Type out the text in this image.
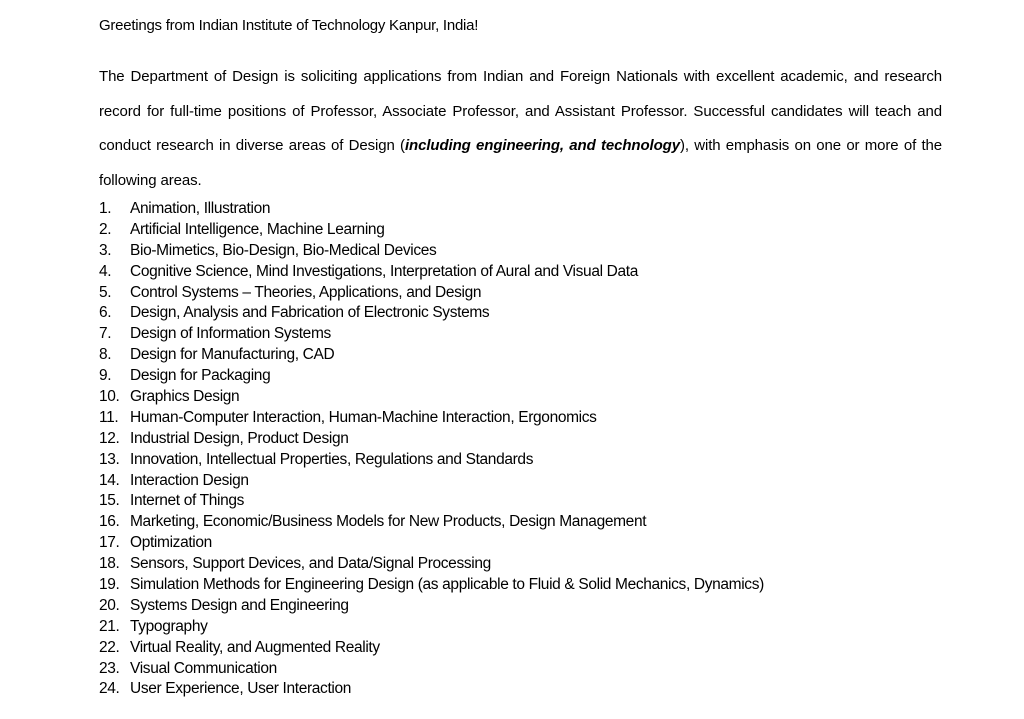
Greetings from Indian Institute of Technology Kanpur, India!

The Department of Design is soliciting applications from Indian and Foreign Nationals with excellent academic, and research record for full-time positions of Professor, Associate Professor, and Assistant Professor. Successful candidates will teach and conduct research in diverse areas of Design (including engineering, and technology), with emphasis on one or more of the following areas.

1.	Animation, Illustration
2.	Artificial Intelligence, Machine Learning
3.	Bio-Mimetics, Bio-Design, Bio-Medical Devices
4.	Cognitive Science, Mind Investigations, Interpretation of Aural and Visual Data
5.	Control Systems – Theories, Applications, and Design
6.	Design, Analysis and Fabrication of Electronic Systems
7.	Design of Information Systems
8.	Design for Manufacturing, CAD
9.	Design for Packaging
10. Graphics Design
11. Human-Computer Interaction, Human-Machine Interaction, Ergonomics
12. Industrial Design, Product Design
13. Innovation, Intellectual Properties, Regulations and Standards
14. Interaction Design
15. Internet of Things
16. Marketing, Economic/Business Models for New Products, Design Management
17. Optimization
18. Sensors, Support Devices, and Data/Signal Processing
19. Simulation Methods for Engineering Design (as applicable to Fluid & Solid Mechanics, Dynamics)
20. Systems Design and Engineering
21. Typography
22. Virtual Reality, and Augmented Reality
23. Visual Communication
24. User Experience, User Interaction
